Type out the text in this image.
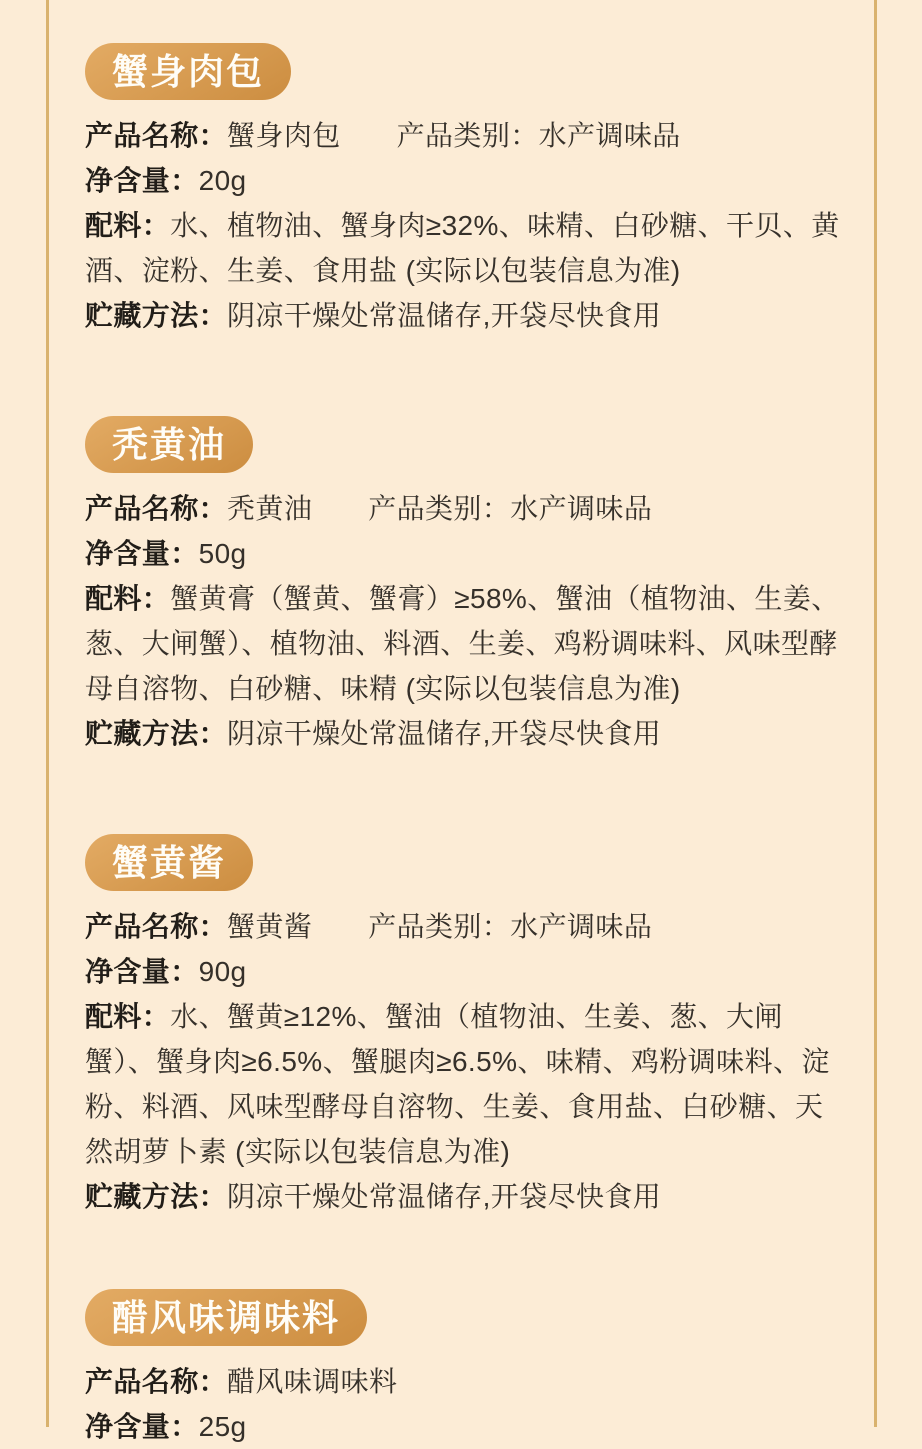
蟹身肉包

产品名称：蟹身肉包 产品类别：水产调味品

净含量：20g

配料：水、植物油、蟹身肉≥32%、味精、白砂糖、干贝、黄酒、淀粉、生姜、食用盐 (实际以包装信息为准)

贮藏方法：阴凉干燥处常温储存,开袋尽快食用

秃黄油

产品名称：秃黄油 产品类别：水产调味品

净含量：50g

配料：蟹黄膏（蟹黄、蟹膏）≥58%、蟹油（植物油、生姜、葱、大闸蟹）、植物油、料酒、生姜、鸡粉调味料、风味型酵母自溶物、白砂糖、味精 (实际以包装信息为准)

贮藏方法：阴凉干燥处常温储存,开袋尽快食用

蟹黄酱

产品名称：蟹黄酱 产品类别：水产调味品

净含量：90g

配料：水、蟹黄≥12%、蟹油（植物油、生姜、葱、大闸蟹）、蟹身肉≥6.5%、蟹腿肉≥6.5%、味精、鸡粉调味料、淀粉、料酒、风味型酵母自溶物、生姜、食用盐、白砂糖、天然胡萝卜素 (实际以包装信息为准)

贮藏方法：阴凉干燥处常温储存,开袋尽快食用

醋风味调味料

产品名称：醋风味调味料

净含量：25g
